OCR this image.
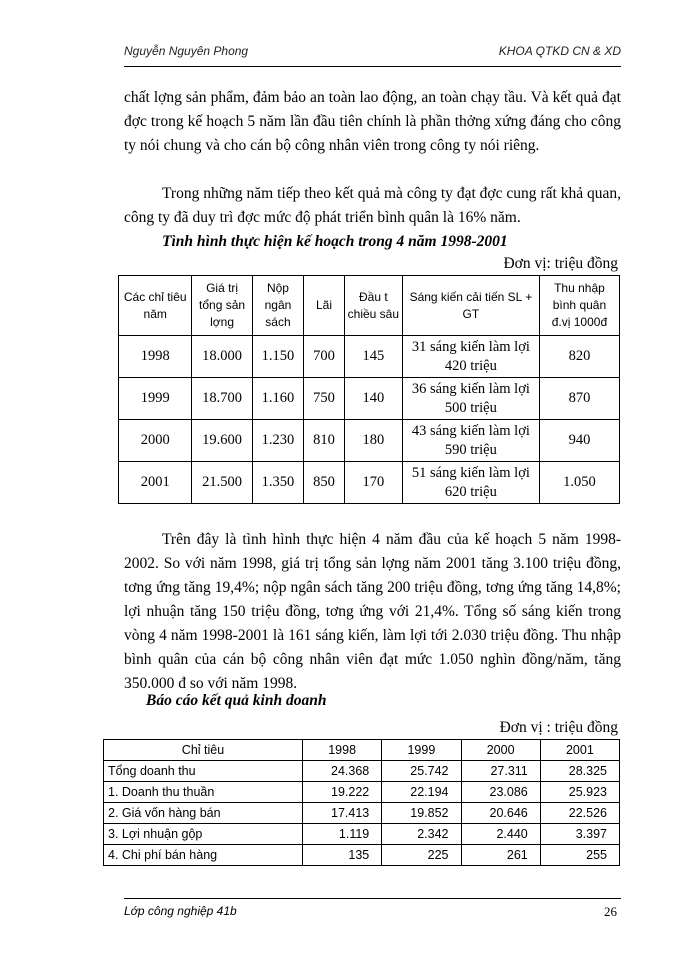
Nguyễn Nguyên Phong	KHOA QTKD CN & XD
chất lợng sản phẩm, đảm bảo an toàn lao động, an toàn chạy tầu. Và kết quả đạt đợc trong kế hoạch 5 năm lần đầu tiên chính là phần thởng xứng đáng cho công ty nói chung và cho cán bộ công nhân viên trong công ty nói riêng.
Trong những năm tiếp theo kết quả mà công ty đạt đợc cung rất khả quan, công ty đã duy trì đợc mức độ phát triển bình quân là 16% năm.
Tình hình thực hiện kế hoạch trong 4 năm 1998-2001
Đơn vị: triệu đồng
Các chỉ tiêu năm	Giá trị tổng sản lợng	Nộp ngân sách	Lãi	Đầu t chiều sâu	Sáng kiến cải tiến SL + GT	Thu nhập bình quân đ.vị 1000đ
1998	18.000	1.150	700	145	31 sáng kiến làm lợi 420 triệu	820
1999	18.700	1.160	750	140	36 sáng kiến làm lợi 500 triệu	870
2000	19.600	1.230	810	180	43 sáng kiến làm lợi 590 triệu	940
2001	21.500	1.350	850	170	51 sáng kiến làm lợi 620 triệu	1.050
Trên đây là tình hình thực hiện 4 năm đầu của kế hoạch 5 năm 1998-2002. So với năm 1998, giá trị tổng sản lợng năm 2001 tăng 3.100 triệu đồng, tơng ứng tăng 19,4%; nộp ngân sách tăng 200 triệu đồng, tơng ứng tăng 14,8%; lợi nhuận tăng 150 triệu đồng, tơng ứng với 21,4%. Tổng số sáng kiến trong vòng 4 năm 1998-2001 là 161 sáng kiến, làm lợi tới 2.030 triệu đồng. Thu nhập bình quân của cán bộ công nhân viên đạt mức 1.050 nghìn đồng/năm, tăng 350.000 đ so với năm 1998.
Báo cáo kết quả kinh doanh
Đơn vị : triệu đồng
Chỉ tiêu	1998	1999	2000	2001
Tổng doanh thu	24.368	25.742	27.311	28.325
1. Doanh thu thuần	19.222	22.194	23.086	25.923
2. Giá vốn hàng bán	17.413	19.852	20.646	22.526
3. Lợi nhuận gộp	1.119	2.342	2.440	3.397
4. Chi phí bán hàng	135	225	261	255
Lớp công nghiệp 41b	26
